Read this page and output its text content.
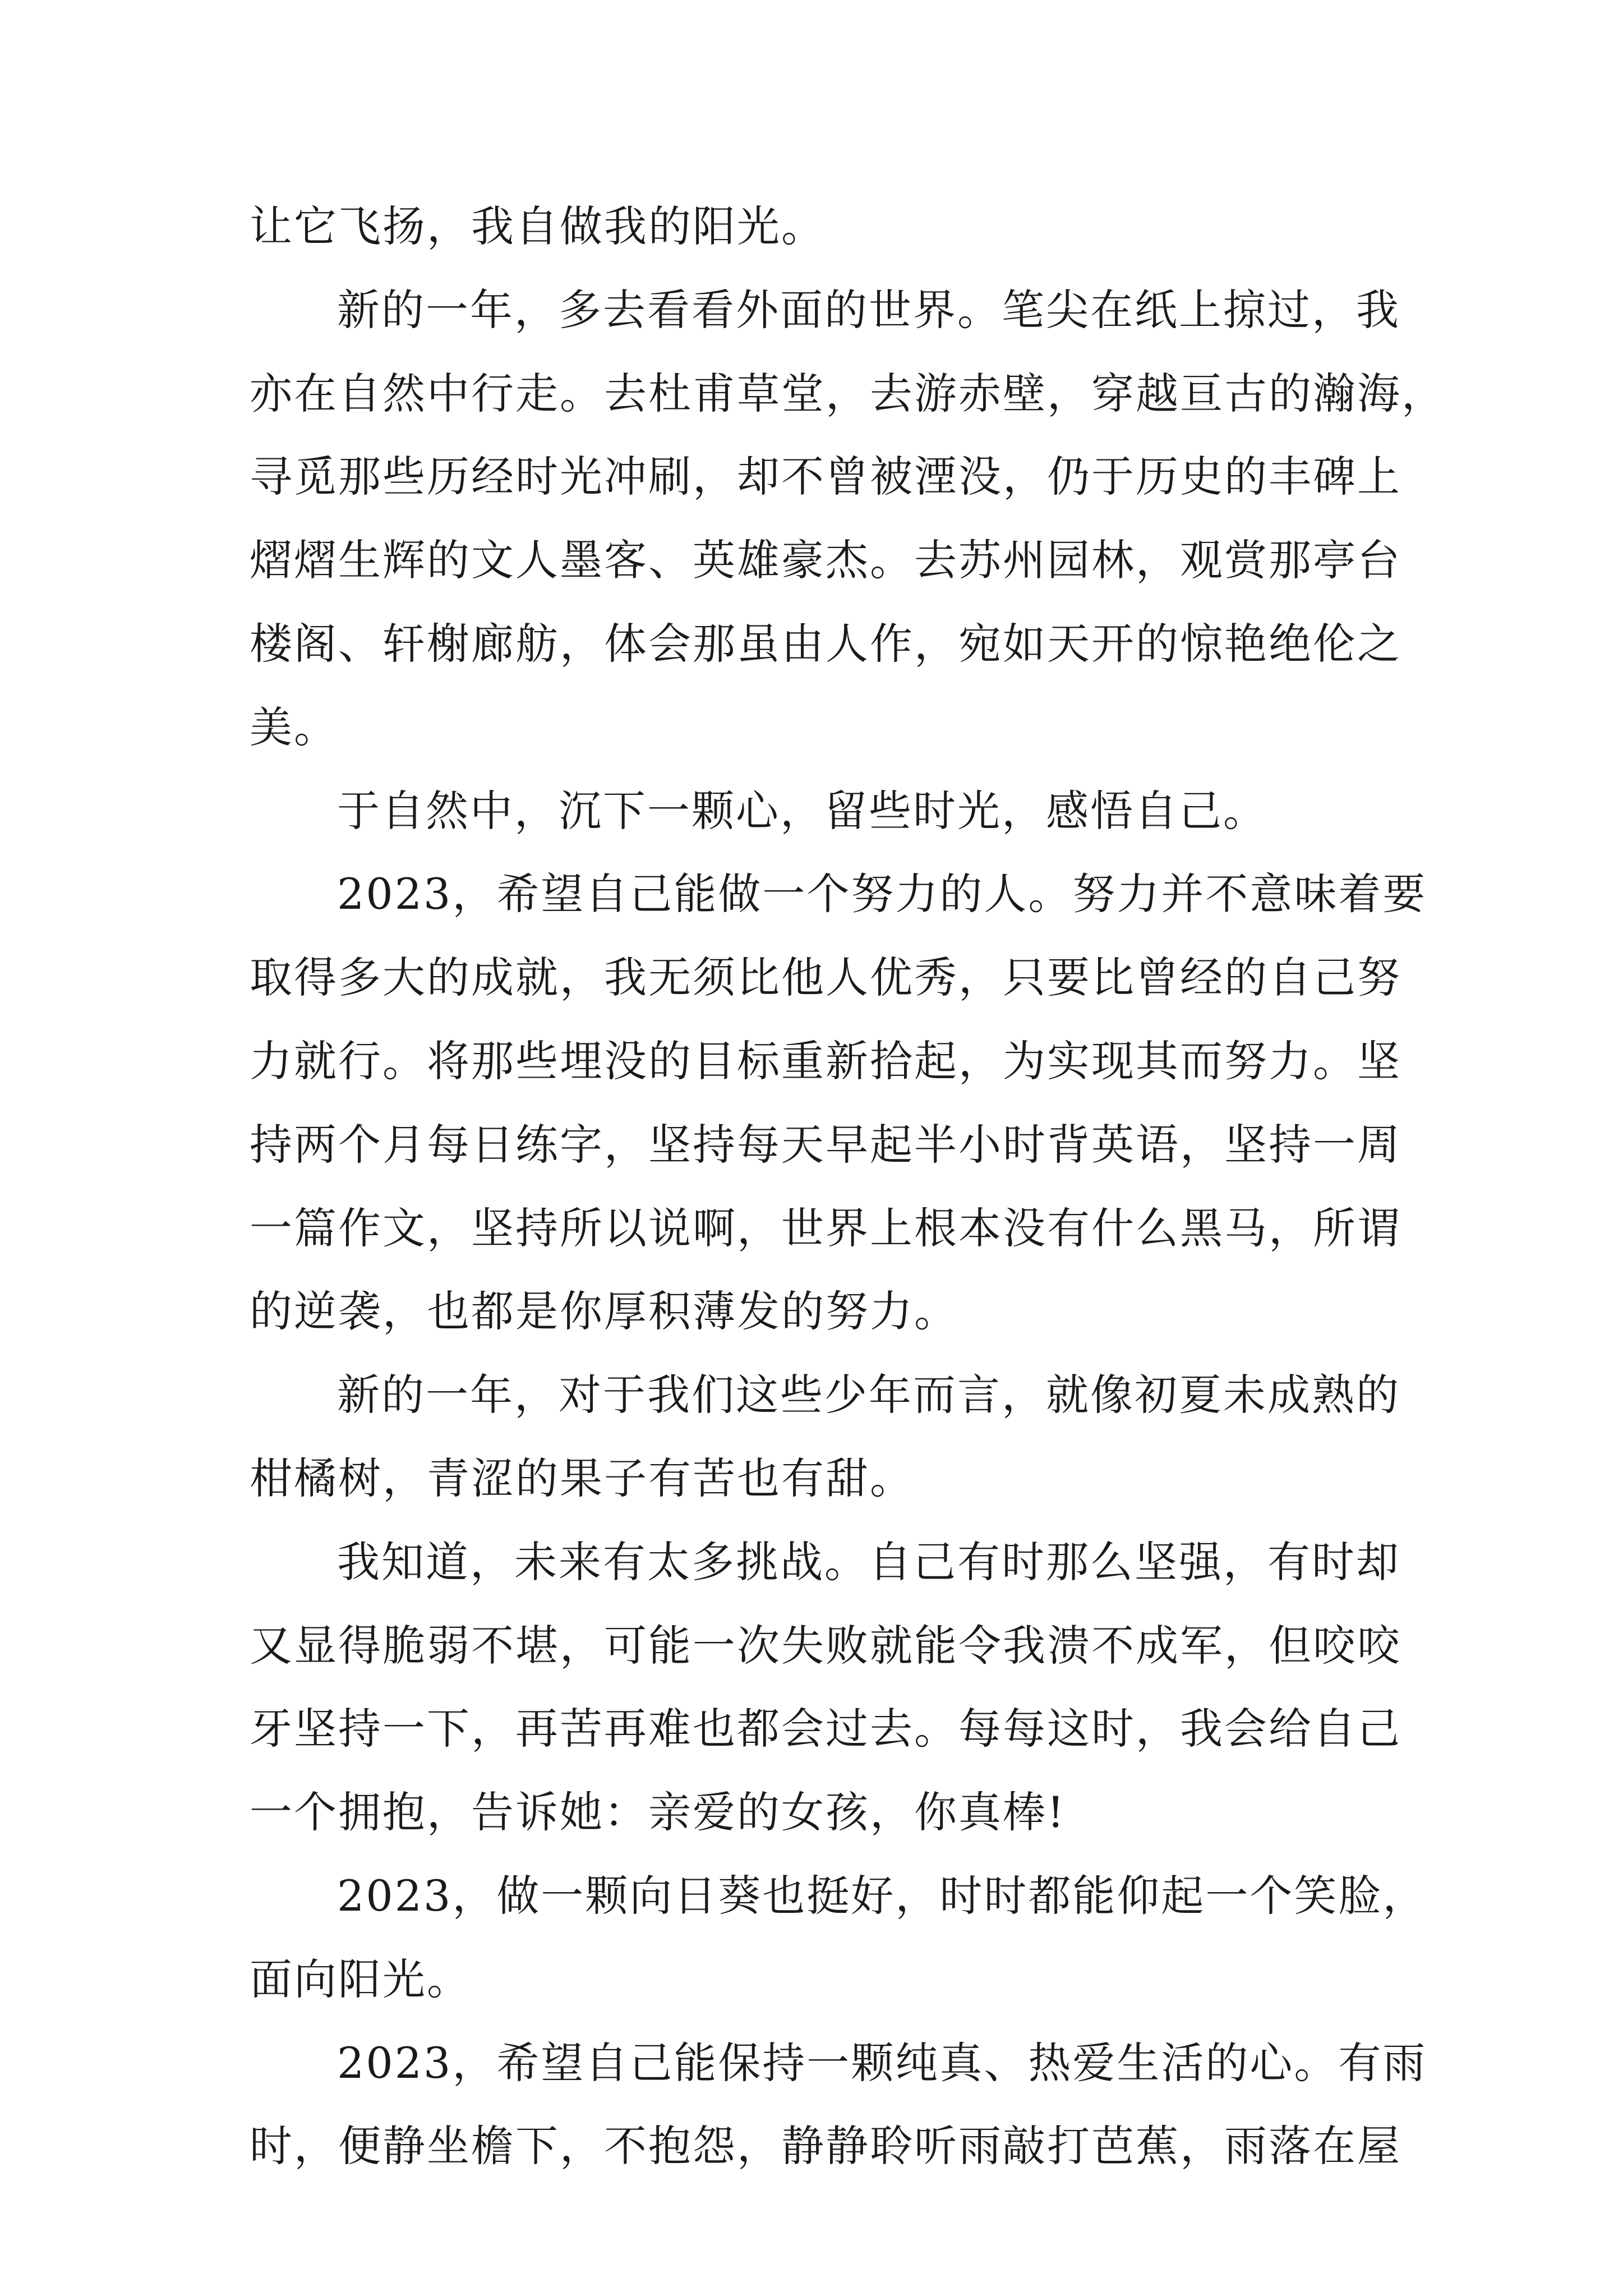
让它飞扬，我自做我的阳光。
新的一年，多去看看外面的世界。笔尖在纸上掠过，我
亦在自然中行走。去杜甫草堂，去游赤壁，穿越亘古的瀚海，
寻觅那些历经时光冲刷，却不曾被湮没，仍于历史的丰碑上
熠熠生辉的文人墨客、英雄豪杰。去苏州园林，观赏那亭台
楼阁、轩榭廊舫，体会那虽由人作，宛如天开的惊艳绝伦之
美。
于自然中，沉下一颗心，留些时光，感悟自己。
2023，希望自己能做一个努力的人。努力并不意味着要
取得多大的成就，我无须比他人优秀，只要比曾经的自己努
力就行。将那些埋没的目标重新拾起，为实现其而努力。坚
持两个月每日练字，坚持每天早起半小时背英语，坚持一周
一篇作文，坚持所以说啊，世界上根本没有什么黑马，所谓
的逆袭，也都是你厚积薄发的努力。
新的一年，对于我们这些少年而言，就像初夏未成熟的
柑橘树，青涩的果子有苦也有甜。
我知道，未来有太多挑战。自己有时那么坚强，有时却
又显得脆弱不堪，可能一次失败就能令我溃不成军，但咬咬
牙坚持一下，再苦再难也都会过去。每每这时，我会给自己
一个拥抱，告诉她：亲爱的女孩，你真棒!
2023，做一颗向日葵也挺好，时时都能仰起一个笑脸，
面向阳光。
2023，希望自己能保持一颗纯真、热爱生活的心。有雨
时，便静坐檐下，不抱怨，静静聆听雨敲打芭蕉，雨落在屋
